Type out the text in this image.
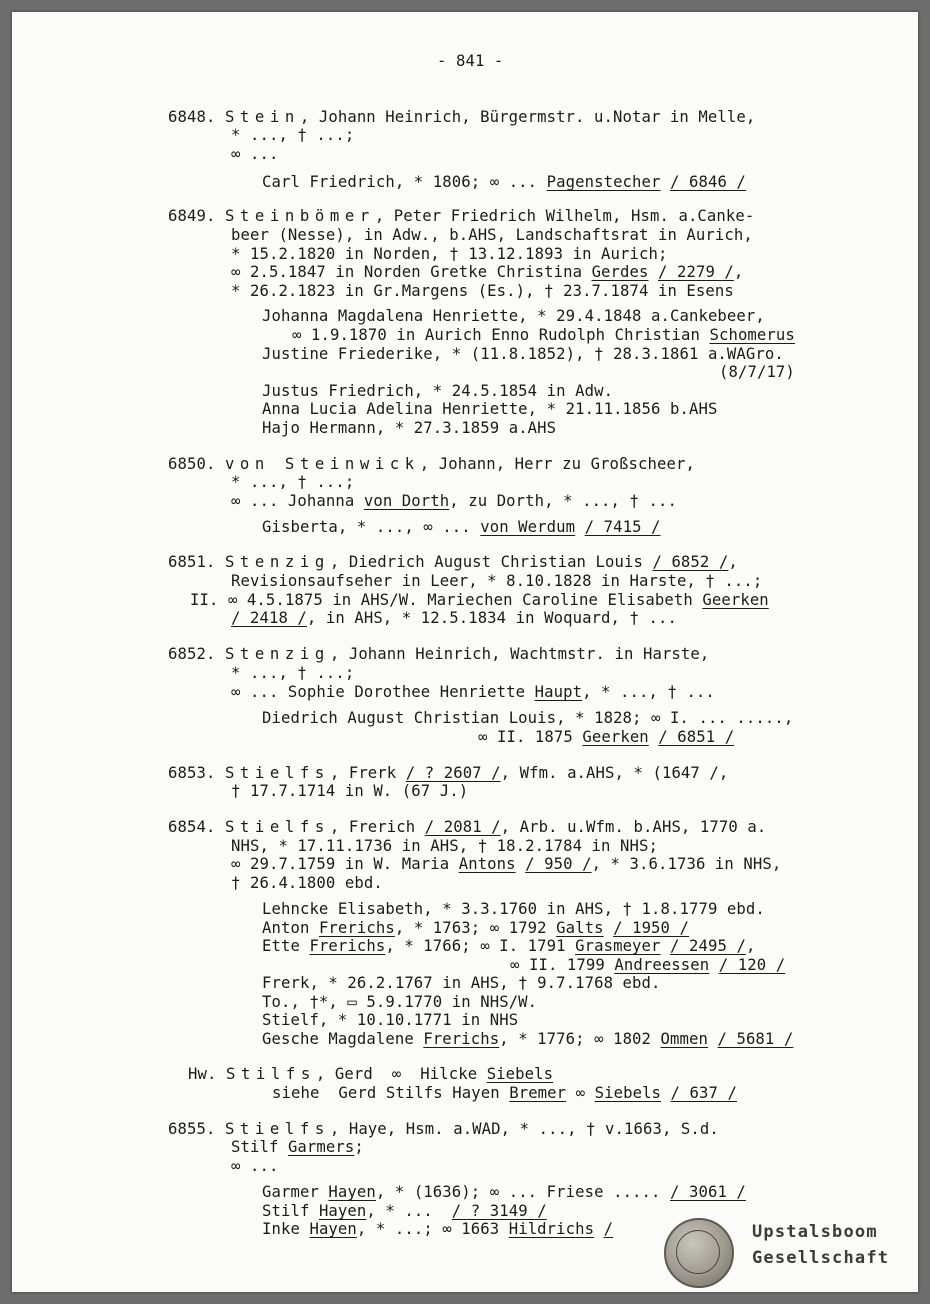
- 841 -
6848. Stein, Johann Heinrich, Bürgermstr. u.Notar in Melle,
* ..., † ...;
∞ ...
Carl Friedrich, * 1806; ∞ ... Pagenstecher / 6846 /
6849. Steinbömer, Peter Friedrich Wilhelm, Hsm. a.Canke-
beer (Nesse), in Adw., b.AHS, Landschaftsrat in Aurich,
* 15.2.1820 in Norden, † 13.12.1893 in Aurich;
∞ 2.5.1847 in Norden Gretke Christina Gerdes / 2279 /,
* 26.2.1823 in Gr.Margens (Es.), † 23.7.1874 in Esens
Johanna Magdalena Henriette, * 29.4.1848 a.Cankebeer,
∞ 1.9.1870 in Aurich Enno Rudolph Christian Schomerus
Justine Friederike, * (11.8.1852), † 28.3.1861 a.WAGro.
(8/7/17)
Justus Friedrich, * 24.5.1854 in Adw.
Anna Lucia Adelina Henriette, * 21.11.1856 b.AHS
Hajo Hermann, * 27.3.1859 a.AHS
6850. von Steinwick, Johann, Herr zu Großscheer,
* ..., † ...;
∞ ... Johanna von Dorth, zu Dorth, * ..., † ...
Gisberta, * ..., ∞ ... von Werdum / 7415 /
6851. Stenzig, Diedrich August Christian Louis / 6852 /,
Revisionsaufseher in Leer, * 8.10.1828 in Harste, † ...;
II. ∞ 4.5.1875 in AHS/W. Mariechen Caroline Elisabeth Geerken
/ 2418 /, in AHS, * 12.5.1834 in Woquard, † ...
6852. Stenzig, Johann Heinrich, Wachtmstr. in Harste,
* ..., † ...;
∞ ... Sophie Dorothee Henriette Haupt, * ..., † ...
Diedrich August Christian Louis, * 1828; ∞ I. ... .....,
∞ II. 1875 Geerken / 6851 /
6853. Stielfs, Frerk / ? 2607 /, Wfm. a.AHS, * (1647 /,
† 17.7.1714 in W. (67 J.)
6854. Stielfs, Frerich / 2081 /, Arb. u.Wfm. b.AHS, 1770 a.
NHS, * 17.11.1736 in AHS, † 18.2.1784 in NHS;
∞ 29.7.1759 in W. Maria Antons / 950 /, * 3.6.1736 in NHS,
† 26.4.1800 ebd.
Lehncke Elisabeth, * 3.3.1760 in AHS, † 1.8.1779 ebd.
Anton Frerichs, * 1763; ∞ 1792 Galts / 1950 /
Ette Frerichs, * 1766; ∞ I. 1791 Grasmeyer / 2495 /,
∞ II. 1799 Andreessen / 120 /
Frerk, * 26.2.1767 in AHS, † 9.7.1768 ebd.
To., †*, ▭ 5.9.1770 in NHS/W.
Stielf, * 10.10.1771 in NHS
Gesche Magdalene Frerichs, * 1776; ∞ 1802 Ommen / 5681 /
Hw. Stilfs, Gerd  ∞  Hilcke Siebels
siehe  Gerd Stilfs Hayen Bremer ∞ Siebels / 637 /
6855. Stielfs, Haye, Hsm. a.WAD, * ..., † v.1663, S.d.
Stilf Garmers;
∞ ...
Garmer Hayen, * (1636); ∞ ... Friese ..... / 3061 /
Stilf Hayen, * ...  / ? 3149 /
Inke Hayen, * ...; ∞ 1663 Hildrichs /	Upstalsboom
Gesellschaft
